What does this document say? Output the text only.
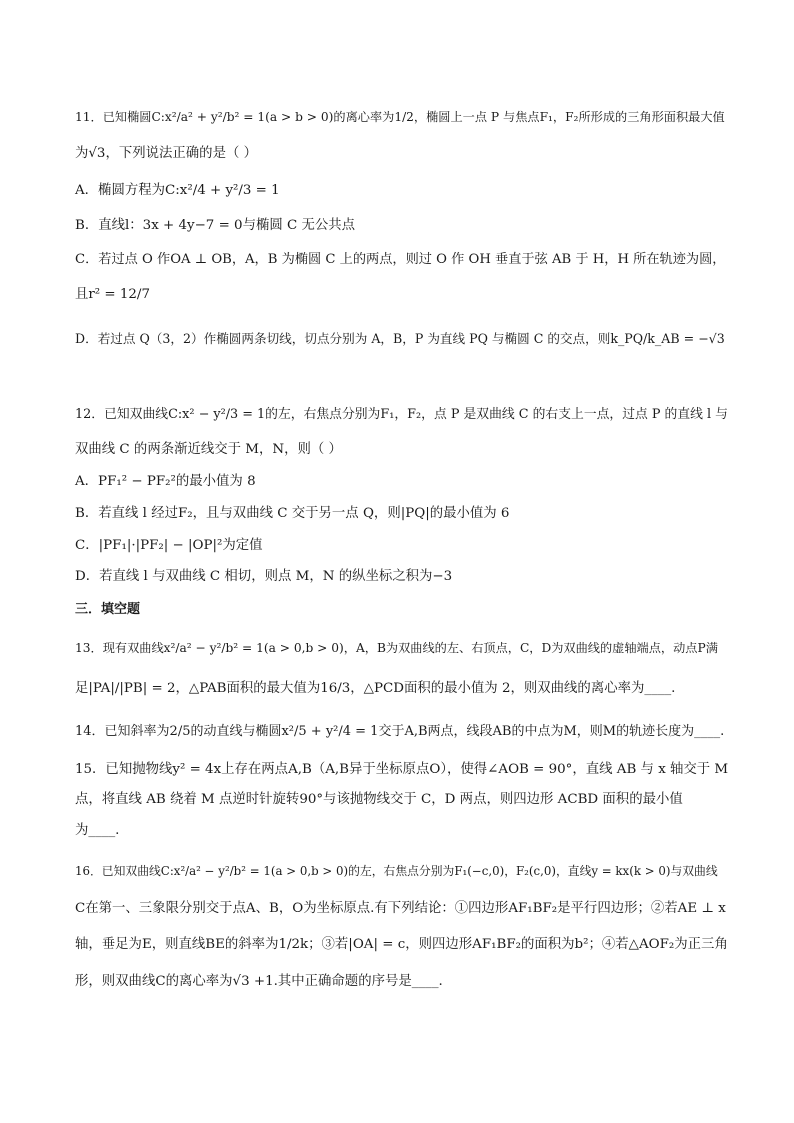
11．已知椭圆C:x²/a² + y²/b² = 1(a > b > 0)的离心率为1/2，椭圆上一点 P 与焦点F₁，F₂所形成的三角形面积最大值
为√3，下列说法正确的是（ ）
A．椭圆方程为C:x²/4 + y²/3 = 1
B．直线l：3x + 4y−7 = 0与椭圆 C 无公共点
C．若过点 O 作OA ⊥ OB，A，B 为椭圆 C 上的两点，则过 O 作 OH 垂直于弦 AB 于 H，H 所在轨迹为圆，
且r² = 12/7
D．若过点 Q（3，2）作椭圆两条切线，切点分别为 A，B，P 为直线 PQ 与椭圆 C 的交点，则k_PQ/k_AB = −√3
12．已知双曲线C:x² − y²/3 = 1的左，右焦点分别为F₁，F₂，点 P 是双曲线 C 的右支上一点，过点 P 的直线 l 与
双曲线 C 的两条渐近线交于 M，N，则（ ）
A．PF₁² − PF₂²的最小值为 8
B．若直线 l 经过F₂，且与双曲线 C 交于另一点 Q，则|PQ|的最小值为 6
C．|PF₁|·|PF₂| − |OP|²为定值
D．若直线 l 与双曲线 C 相切，则点 M，N 的纵坐标之积为−3
三．填空题
13．现有双曲线x²/a² − y²/b² = 1(a > 0,b > 0)，A，B为双曲线的左、右顶点，C，D为双曲线的虚轴端点，动点P满
足|PA|/|PB| = 2，△PAB面积的最大值为16/3，△PCD面积的最小值为 2，则双曲线的离心率为____.
14．已知斜率为2/5的动直线与椭圆x²/5 + y²/4 = 1交于A,B两点，线段AB的中点为M，则M的轨迹长度为____.
15．已知抛物线y² = 4x上存在两点A,B（A,B异于坐标原点O），使得∠AOB = 90°，直线 AB 与 x 轴交于 M
点，将直线 AB 绕着 M 点逆时针旋转90°与该抛物线交于 C，D 两点，则四边形 ACBD 面积的最小值
为____.
16．已知双曲线C:x²/a² − y²/b² = 1(a > 0,b > 0)的左，右焦点分别为F₁(−c,0)，F₂(c,0)，直线y = kx(k > 0)与双曲线
C在第一、三象限分别交于点A、B，O为坐标原点.有下列结论：①四边形AF₁BF₂是平行四边形；②若AE ⊥ x
轴，垂足为E，则直线BE的斜率为1/2k；③若|OA| = c，则四边形AF₁BF₂的面积为b²；④若△AOF₂为正三角
形，则双曲线C的离心率为√3 +1.其中正确命题的序号是____.
